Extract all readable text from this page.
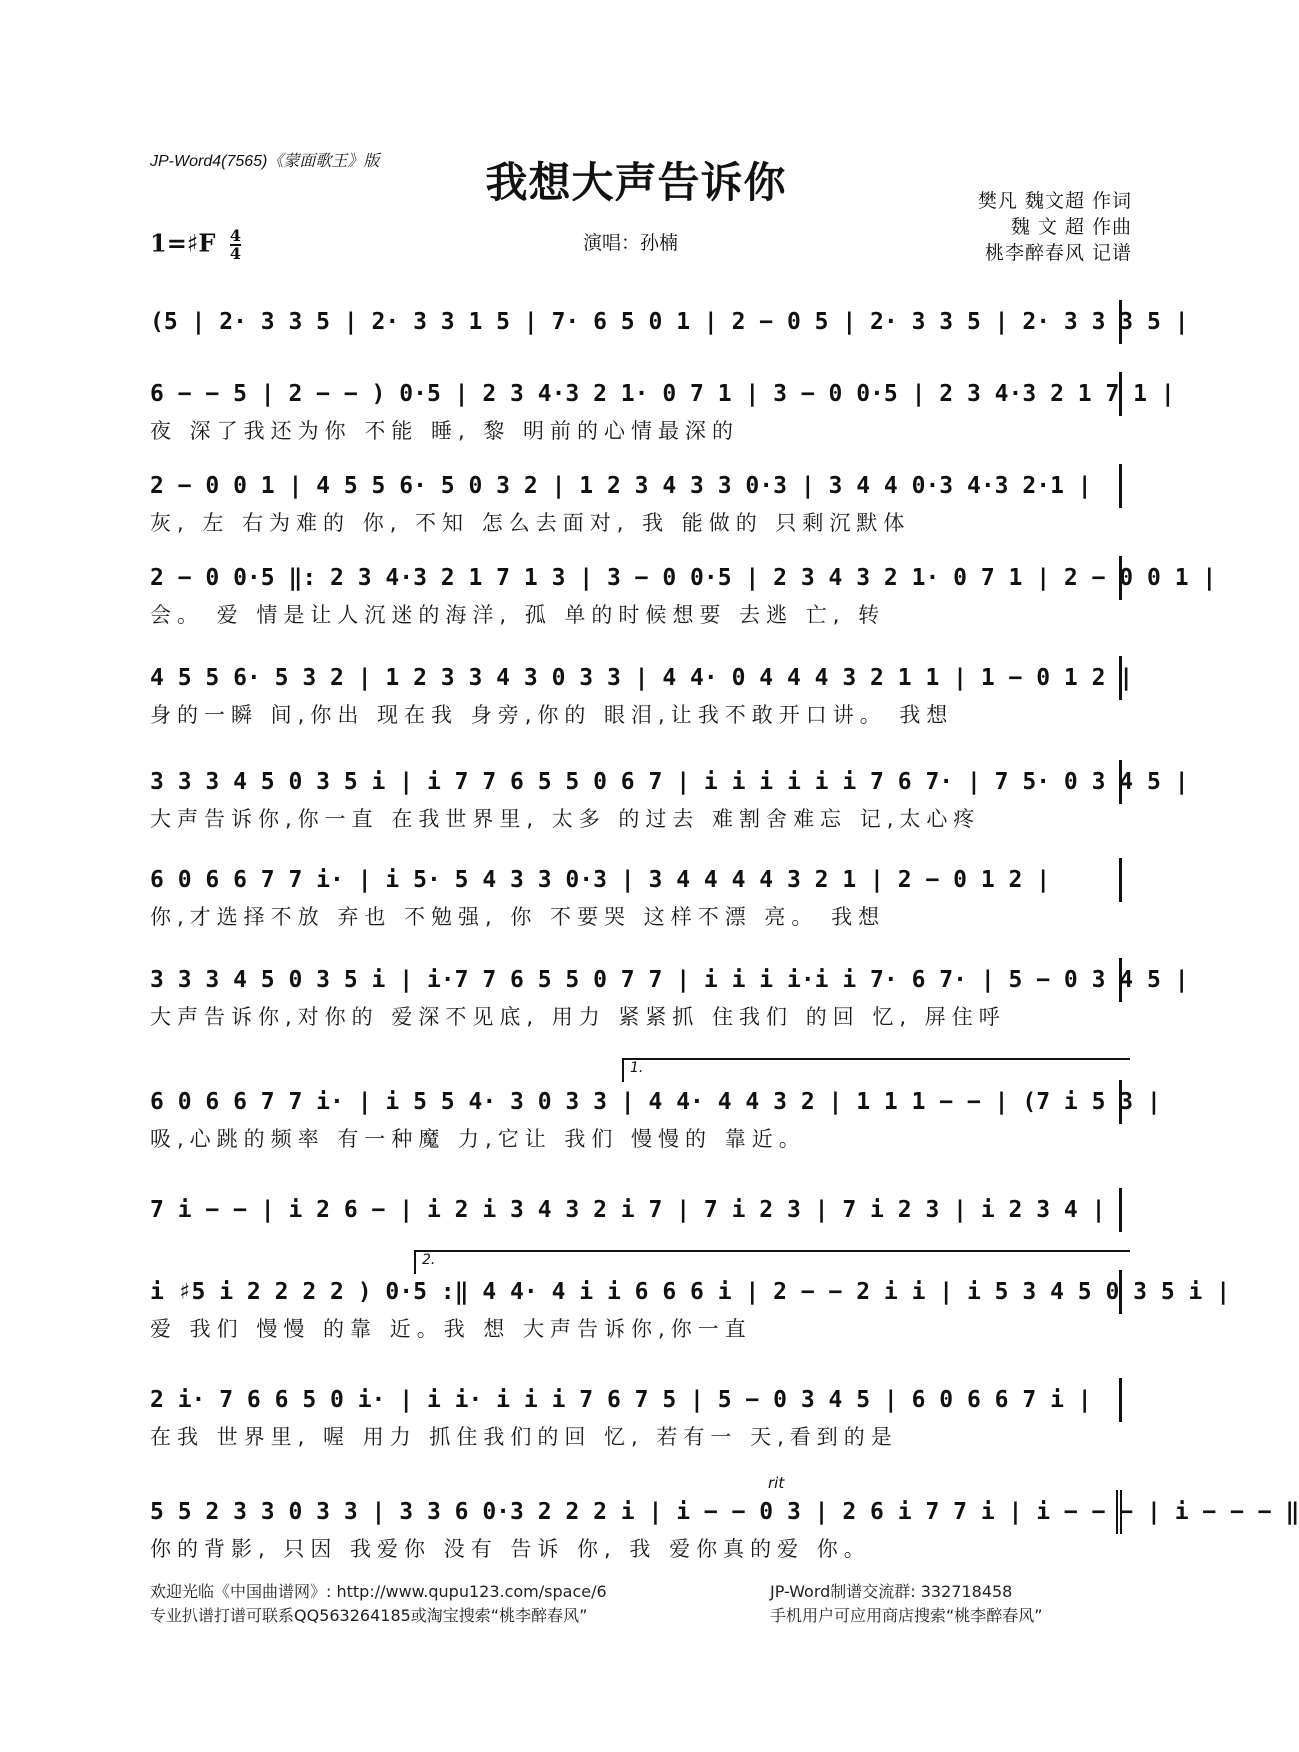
JP-Word4(7565)《蒙面歌王》版	我想大声告诉你
1=♯F $\frac{4}{4}$	演唱：孙楠
樊凡 魏文超 作词
魏 文 超 作曲
桃李醉春风 记谱
(5 | 2· 3 3 5 | 2· 3 3 1 5 | 7· 6 5 0 1 | 2 − 0 5 | 2· 3 3 5 | 2· 3 3 3 5 |
6 − − 5 | 2 − − ) 0·5 | 2 3 4·3 2 1· 0 7 1 | 3 − 0 0·5 | 2 3 4·3 2 1 7 1 |
夜 深了我还为你 不能 睡, 黎 明前的心情最深的
2 − 0 0 1 | 4 5 5 6· 5 0 3 2 | 1 2 3 4 3 3 0·3 | 3 4 4 0·3 4·3 2·1 |
灰, 左 右为难的 你, 不知 怎么去面对, 我 能做的 只剩沉默体
2 − 0 0·5 ‖: 2 3 4·3 2 1 7 1 3 | 3 − 0 0·5 | 2 3 4 3 2 1· 0 7 1 | 2 − 0 0 1 |
会。 爱 情是让人沉迷的海洋, 孤 单的时候想要 去逃 亡, 转
4 5 5 6· 5 3 2 | 1 2 3 3 4 3 0 3 3 | 4 4· 0 4 4 4 3 2 1 1 | 1 − 0 1 2 |
身的一瞬 间,你出 现在我 身旁,你的 眼泪,让我不敢开口讲。 我想
3 3 3 4 5 0 3 5 i | i 7 7 6 5 5 0 6 7 | i i i i i i 7 6 7· | 7 5· 0 3 4 5 |
大声告诉你,你一直 在我世界里, 太多 的过去 难割舍难忘 记,太心疼
6 0 6 6 7 7 i· | i 5· 5 4 3 3 0·3 | 3 4 4 4 4 3 2 1 | 2 − 0 1 2 |
你,才选择不放 弃也 不勉强, 你 不要哭 这样不漂 亮。 我想
3 3 3 4 5 0 3 5 i | i·7 7 6 5 5 0 7 7 | i i i i·i i 7· 6 7· | 5 − 0 3 4 5 |
大声告诉你,对你的 爱深不见底, 用力 紧紧抓 住我们 的回 忆, 屏住呼
1.
6 0 6 6 7 7 i· | i 5 5 4· 3 0 3 3 | 4 4· 4 4 3 2 | 1 1 1 − − | (7 i 5 3 |
吸,心跳的频率 有一种魔 力,它让 我们 慢慢的 靠近。
7 i − − | i 2 6 − | i 2 i 3 4 3 2 i 7 | 7 i 2 3 | 7 i 2 3 | i 2 3 4 |
2.
i ♯5 i 2 2 2 2 ) 0·5 :‖ 4 4· 4 i i 6 6 6 i | 2 − − 2 i i | i 5 3 4 5 0 3 5 i |
爱 我们 慢慢 的靠 近。我 想 大声告诉你,你一直
2 i· 7 6 6 5 0 i· | i i· i i i 7 6 7 5 | 5 − 0 3 4 5 | 6 0 6 6 7 i |
在我 世界里, 喔 用力 抓住我们的回 忆, 若有一 天,看到的是
rit
5 5 2 3 3 0 3 3 | 3 3 6 0·3 2 2 2 i | i − − 0 3 | 2 6 i 7 7 i | i − − − | i − − − ‖
你的背影, 只因 我爱你 没有 告诉 你, 我 爱你真的爱 你。
欢迎光临《中国曲谱网》: http://www.qupu123.com/space/6	JP-Word制谱交流群: 332718458
专业扒谱打谱可联系QQ563264185或淘宝搜索“桃李醉春风”	手机用户可应用商店搜索“桃李醉春风”
